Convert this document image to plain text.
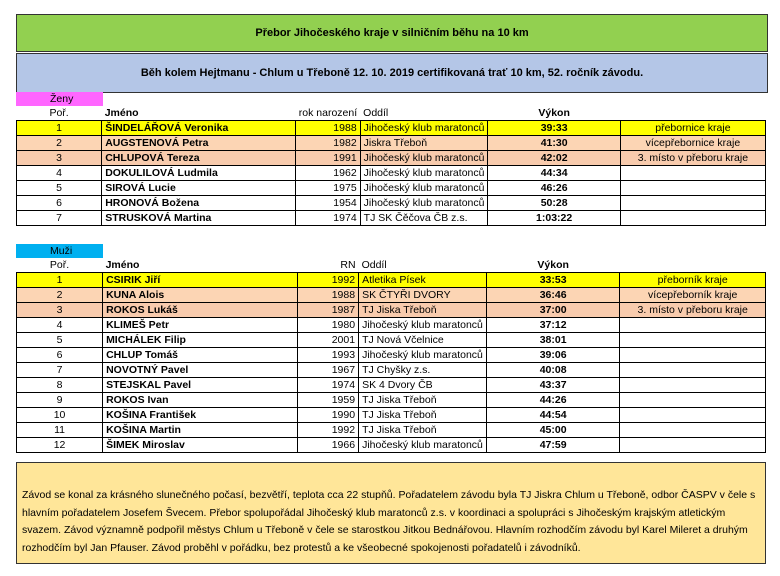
Přebor Jihočeského kraje v silničním běhu na 10 km
Běh kolem Hejtmanu - Chlum u Třeboně 12. 10. 2019 certifikovaná trať 10 km, 52. ročník závodu.
Ženy
Poř.	Jméno	rok narození	Oddíl	Výkon	
1	ŠINDELÁŘOVÁ Veronika	1988	Jihočeský klub maratonců	39:33	přebornice kraje
2	AUGSTENOVÁ Petra	1982	Jiskra Třeboň	41:30	vícepřebornice kraje
3	CHLUPOVÁ Tereza	1991	Jihočeský klub maratonců	42:02	3. místo v přeboru kraje
4	DOKULILOVÁ Ludmila	1962	Jihočeský klub maratonců	44:34	
5	SIROVÁ Lucie	1975	Jihočeský klub maratonců	46:26	
6	HRONOVÁ Božena	1954	Jihočeský klub maratonců	50:28	
7	STRUSKOVÁ Martina	1974	TJ SK Čěčova ČB z.s.	1:03:22	
Muži
Poř.	Jméno	RN	Oddíl	Výkon	
1	CSIRIK Jiří	1992	Atletika Písek	33:53	přeborník kraje
2	KUNA Alois	1988	SK ČTYŘI DVORY	36:46	vícepřeborník kraje
3	ROKOS Lukáš	1987	TJ Jiska Třeboň	37:00	3. místo v přeboru kraje
4	KLIMEŠ Petr	1980	Jihočeský klub maratonců	37:12	
5	MICHÁLEK Filip	2001	TJ Nová Včelnice	38:01	
6	CHLUP Tomáš	1993	Jihočeský klub maratonců	39:06	
7	NOVOTNÝ Pavel	1967	TJ Chyšky z.s.	40:08	
8	STEJSKAL Pavel	1974	SK 4 Dvory ČB	43:37	
9	ROKOS Ivan	1959	TJ Jiska Třeboň	44:26	
10	KOŠINA František	1990	TJ Jiska Třeboň	44:54	
11	KOŠINA Martin	1992	TJ Jiska Třeboň	45:00	
12	ŠIMEK Miroslav	1966	Jihočeský klub maratonců	47:59	
Závod se konal za krásného slunečného počasí, bezvětří, teplota cca 22 stupňů. Pořadatelem závodu byla TJ Jiskra Chlum u Třeboně, odbor ČASPV v čele s hlavním pořadatelem Josefem Švecem. Přebor spolupořádal Jihočeský klub maratonců z.s. v koordinaci a spolupráci s Jihočeským krajským atletickým svazem. Závod významně podpořil městys Chlum u Třeboně v čele se starostkou Jitkou Bednářovou. Hlavním rozhodčím závodu byl Karel Mileret a druhým rozhodčím byl Jan Pfauser. Závod proběhl v pořádku, bez protestů a ke všeobecné spokojenosti pořadatelů i závodníků.
